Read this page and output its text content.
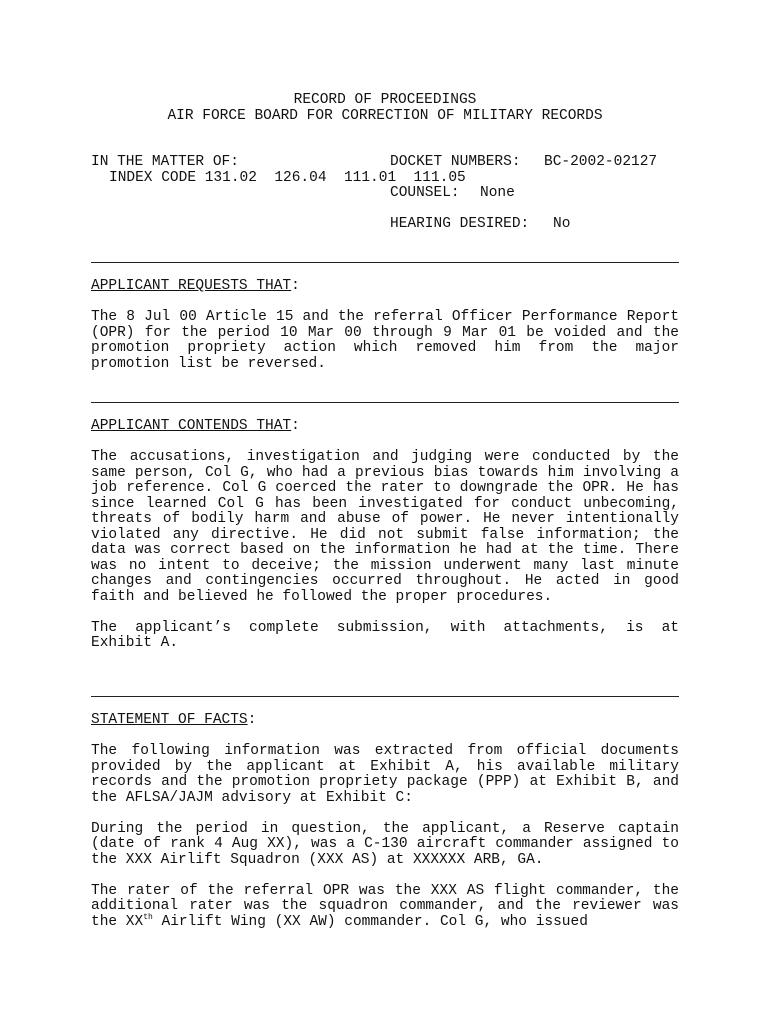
RECORD OF PROCEEDINGS
AIR FORCE BOARD FOR CORRECTION OF MILITARY RECORDS
IN THE MATTER OF:
INDEX CODE 131.02  126.04  111.01  111.05
DOCKET NUMBERS: BC-2002-02127
COUNSEL: None
HEARING DESIRED: No
APPLICANT REQUESTS THAT:

The 8 Jul 00 Article 15 and the referral Officer Performance Report (OPR) for the period 10 Mar 00 through 9 Mar 01 be voided and the promotion propriety action which removed him from the major promotion list be reversed.

APPLICANT CONTENDS THAT:

The accusations, investigation and judging were conducted by the same person, Col G, who had a previous bias towards him involving a job reference. Col G coerced the rater to downgrade the OPR. He has since learned Col G has been investigated for conduct unbecoming, threats of bodily harm and abuse of power. He never intentionally violated any directive. He did not submit false information; the data was correct based on the information he had at the time. There was no intent to deceive; the mission underwent many last minute changes and contingencies occurred throughout. He acted in good faith and believed he followed the proper procedures.

The applicant’s complete submission, with attachments, is at Exhibit A.

STATEMENT OF FACTS:

The following information was extracted from official documents provided by the applicant at Exhibit A, his available military records and the promotion propriety package (PPP) at Exhibit B, and the AFLSA/JAJM advisory at Exhibit C:

During the period in question, the applicant, a Reserve captain (date of rank 4 Aug XX), was a C-130 aircraft commander assigned to the XXX Airlift Squadron (XXX AS) at XXXXXX ARB, GA.

The rater of the referral OPR was the XXX AS flight commander, the additional rater was the squadron commander, and the reviewer was the XXth Airlift Wing (XX AW) commander. Col G, who issued
